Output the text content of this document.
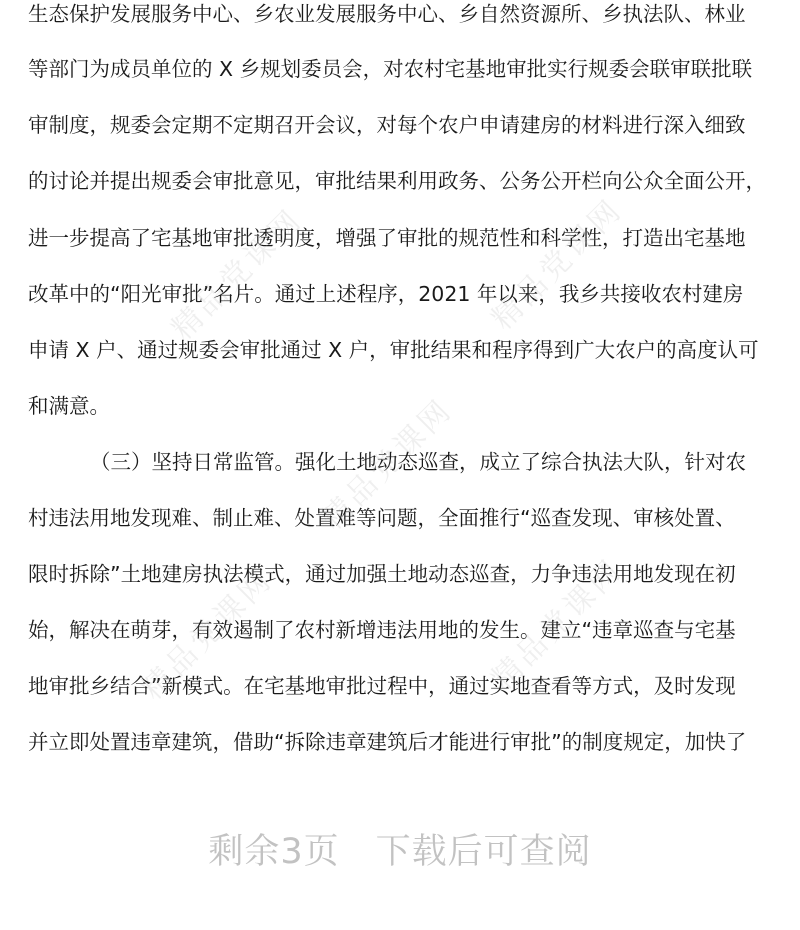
生态保护发展服务中心、乡农业发展服务中心、乡自然资源所、乡执法队、林业
等部门为成员单位的 X 乡规划委员会，对农村宅基地审批实行规委会联审联批联
审制度，规委会定期不定期召开会议，对每个农户申请建房的材料进行深入细致
的讨论并提出规委会审批意见，审批结果利用政务、公务公开栏向公众全面公开，
进一步提高了宅基地审批透明度，增强了审批的规范性和科学性，打造出宅基地
改革中的“阳光审批”名片。通过上述程序，2021 年以来，我乡共接收农村建房
申请 X 户、通过规委会审批通过 X 户，审批结果和程序得到广大农户的高度认可
和满意。
（三）坚持日常监管。强化土地动态巡查，成立了综合执法大队，针对农
村违法用地发现难、制止难、处置难等问题，全面推行“巡查发现、审核处置、
限时拆除”土地建房执法模式，通过加强土地动态巡查，力争违法用地发现在初
始，解决在萌芽，有效遏制了农村新增违法用地的发生。建立“违章巡查与宅基
地审批乡结合”新模式。在宅基地审批过程中，通过实地查看等方式，及时发现
并立即处置违章建筑，借助“拆除违章建筑后才能进行审批”的制度规定，加快了
精品党课网	精品党课网
精品党课网
精品党课网	精品党课网
剩余3页 下载后可查阅
